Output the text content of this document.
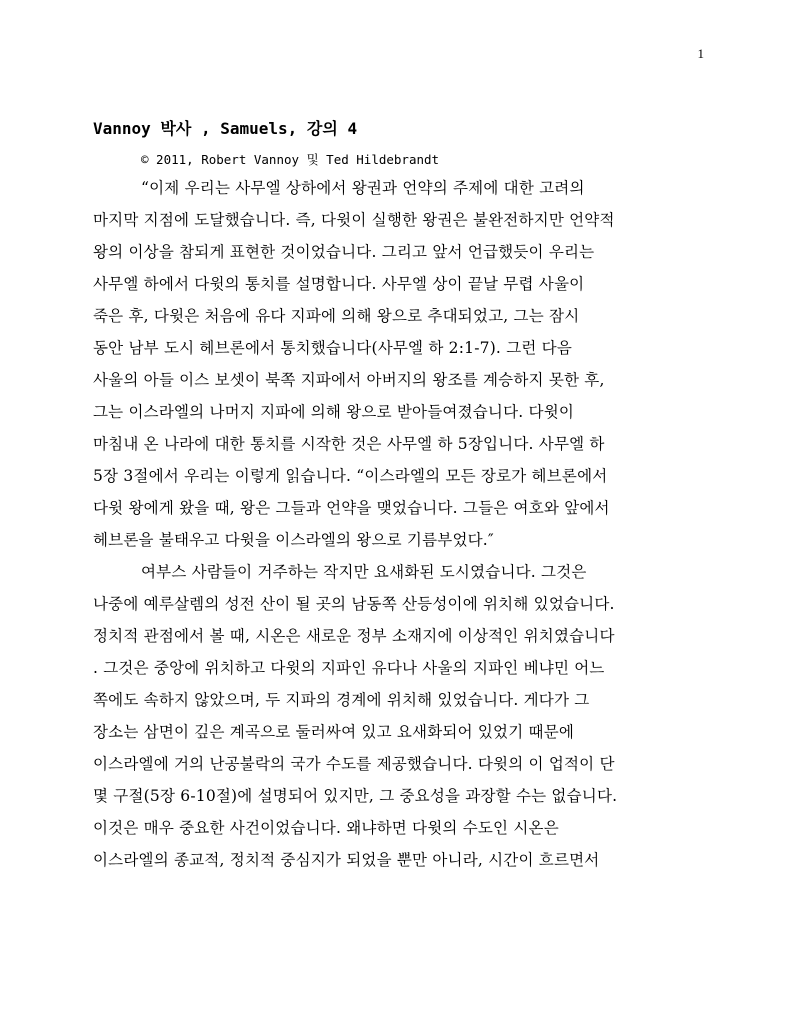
1
Vannoy 박사 , Samuels, 강의 4
© 2011, Robert Vannoy 및 Ted Hildebrandt
“이제 우리는 사무엘 상하에서 왕권과 언약의 주제에 대한 고려의
마지막 지점에 도달했습니다. 즉, 다윗이 실행한 왕권은 불완전하지만 언약적
왕의 이상을 참되게 표현한 것이었습니다. 그리고 앞서 언급했듯이 우리는
사무엘 하에서 다윗의 통치를 설명합니다. 사무엘 상이 끝날 무렵 사울이
죽은 후, 다윗은 처음에 유다 지파에 의해 왕으로 추대되었고, 그는 잠시
동안 남부 도시 헤브론에서 통치했습니다(사무엘 하 2:1-7). 그런 다음
사울의 아들 이스 보셋이 북쪽 지파에서 아버지의 왕조를 계승하지 못한 후,
그는 이스라엘의 나머지 지파에 의해 왕으로 받아들여졌습니다. 다윗이
마침내 온 나라에 대한 통치를 시작한 것은 사무엘 하 5장입니다. 사무엘 하
5장 3절에서 우리는 이렇게 읽습니다. “이스라엘의 모든 장로가 헤브론에서
다윗 왕에게 왔을 때, 왕은 그들과 언약을 맺었습니다. 그들은 여호와 앞에서
헤브론을 불태우고 다윗을 이스라엘의 왕으로 기름부었다.″
여부스 사람들이 거주하는 작지만 요새화된 도시였습니다. 그것은
나중에 예루살렘의 성전 산이 될 곳의 남동쪽 산등성이에 위치해 있었습니다.
정치적 관점에서 볼 때, 시온은 새로운 정부 소재지에 이상적인 위치였습니다
. 그것은 중앙에 위치하고 다윗의 지파인 유다나 사울의 지파인 베냐민 어느
쪽에도 속하지 않았으며, 두 지파의 경계에 위치해 있었습니다. 게다가 그
장소는 삼면이 깊은 계곡으로 둘러싸여 있고 요새화되어 있었기 때문에
이스라엘에 거의 난공불락의 국가 수도를 제공했습니다. 다윗의 이 업적이 단
몇 구절(5장 6-10절)에 설명되어 있지만, 그 중요성을 과장할 수는 없습니다.
이것은 매우 중요한 사건이었습니다. 왜냐하면 다윗의 수도인 시온은
이스라엘의 종교적, 정치적 중심지가 되었을 뿐만 아니라, 시간이 흐르면서
